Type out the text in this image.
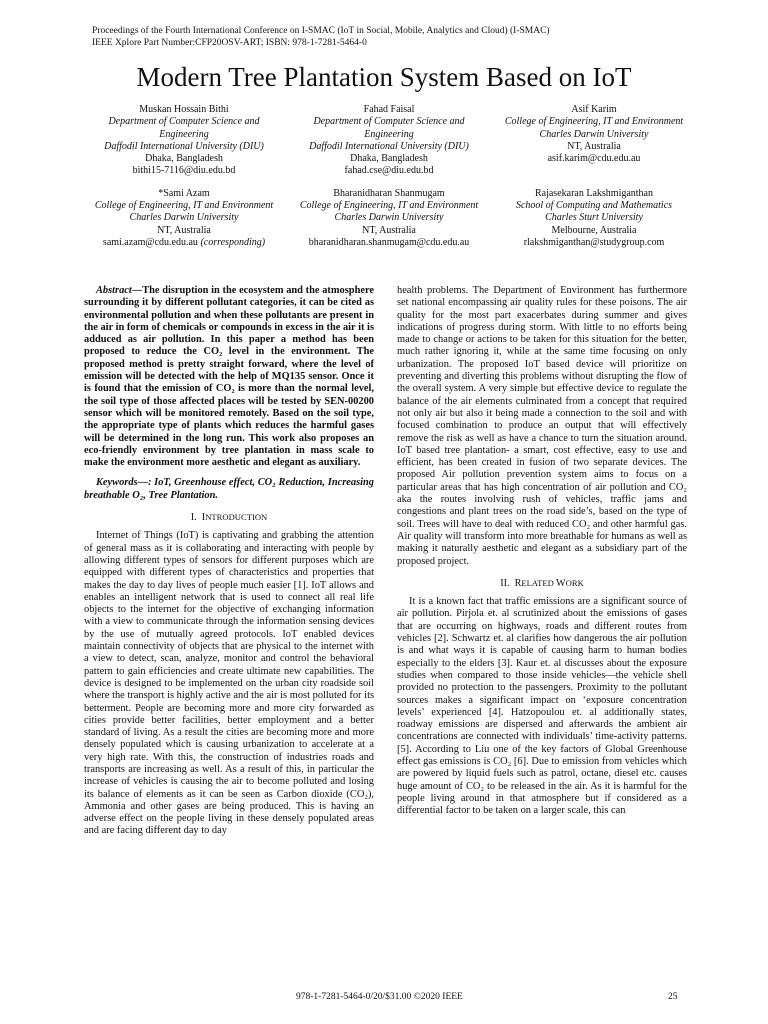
Proceedings of the Fourth International Conference on I-SMAC (IoT in Social, Mobile, Analytics and Cloud) (I-SMAC)
IEEE Xplore Part Number:CFP20OSV-ART; ISBN: 978-1-7281-5464-0
Modern Tree Plantation System Based on IoT
Muskan Hossain Bithi
Department of Computer Science and Engineering
Daffodil International University (DIU)
Dhaka, Bangladesh
bithi15-7116@diu.edu.bd
Fahad Faisal
Department of Computer Science and Engineering
Daffodil International University (DIU)
Dhaka, Bangladesh
fahad.cse@diu.edu.bd
Asif Karim
College of Engineering, IT and Environment
Charles Darwin University
NT, Australia
asif.karim@cdu.edu.au
*Sami Azam
College of Engineering, IT and Environment
Charles Darwin University
NT, Australia
sami.azam@cdu.edu.au (corresponding)
Bharanidharan Shanmugam
College of Engineering, IT and Environment
Charles Darwin University
NT, Australia
bharanidharan.shanmugam@cdu.edu.au
Rajasekaran Lakshmiganthan
School of Computing and Mathematics
Charles Sturt University
Melbourne, Australia
rlakshmiganthan@studygroup.com

Abstract—The disruption in the ecosystem and the atmosphere surrounding it by different pollutant categories, it can be cited as environmental pollution and when these pollutants are present in the air in form of chemicals or compounds in excess in the air it is adduced as air pollution. In this paper a method has been proposed to reduce the CO₂ level in the environment. The proposed method is pretty straight forward, where the level of emission will be detected with the help of MQ135 sensor. Once it is found that the emission of CO₂ is more than the normal level, the soil type of those affected places will be tested by SEN-00200 sensor which will be monitored remotely. Based on the soil type, the appropriate type of plants which reduces the harmful gases will be determined in the long run. This work also proposes an eco-friendly environment by tree plantation in mass scale to make the environment more aesthetic and elegant as auxiliary.

Keywords—: IoT, Greenhouse effect, CO₂ Reduction, Increasing breathable O₂, Tree Plantation.

I. INTRODUCTION

Internet of Things (IoT) is captivating and grabbing the attention of general mass as it is collaborating and interacting with people by allowing different types of sensors for different purposes which are equipped with different types of characteristics and properties that makes the day to day lives of people much easier [1]. IoT allows and enables an intelligent network that is used to connect all real life objects to the internet for the objective of exchanging information with a view to communicate through the information sensing devices by the use of mutually agreed protocols. IoT enabled devices maintain connectivity of objects that are physical to the internet with a view to detect, scan, analyze, monitor and control the behavioral pattern to gain efficiencies and create ultimate new capabilities. The device is designed to be implemented on the urban city roadside soil where the transport is highly active and the air is most polluted for its betterment. People are becoming more and more city forwarded as cities provide better facilities, better employment and a better standard of living. As a result the cities are becoming more and more densely populated which is causing urbanization to accelerate at a very high rate. With this, the construction of industries roads and transports are increasing as well. As a result of this, in particular the increase of vehicles is causing the air to become polluted and losing its balance of elements as it can be seen as Carbon dioxide (CO₂), Ammonia and other gases are being produced. This is having an adverse effect on the people living in these densely populated areas and are facing different day to day

health problems. The Department of Environment has furthermore set national encompassing air quality rules for these poisons. The air quality for the most part exacerbates during summer and gives indications of progress during storm. With little to no efforts being made to change or actions to be taken for this situation for the better, much rather ignoring it, while at the same time focusing on only urbanization. The proposed IoT based device will prioritize on preventing and diverting this problems without disrupting the flow of the overall system. A very simple but effective device to regulate the balance of the air elements culminated from a concept that required not only air but also it being made a connection to the soil and with focused combination to produce an output that will effectively remove the risk as well as have a chance to turn the situation around. IoT based tree plantation- a smart, cost effective, easy to use and efficient, has been created in fusion of two separate devices. The proposed Air pollution prevention system aims to focus on a particular areas that has high concentration of air pollution and CO₂ aka the routes involving rush of vehicles, traffic jams and congestions and plant trees on the road side’s, based on the type of soil. Trees will have to deal with reduced CO₂ and other harmful gas. Air quality will transform into more breathable for humans as well as making it naturally aesthetic and elegant as a subsidiary part of the proposed project.

II. RELATED WORK

It is a known fact that traffic emissions are a significant source of air pollution. Pirjola et. al scrutinized about the emissions of gases that are occurring on highways, roads and different routes from vehicles [2]. Schwartz et. al clarifies how dangerous the air pollution is and what ways it is capable of causing harm to human bodies especially to the elders [3]. Kaur et. al discusses about the exposure studies when compared to those inside vehicles—the vehicle shell provided no protection to the passengers. Proximity to the pollutant sources makes a significant impact on ‘exposure concentration levels’ experienced [4]. Hatzopoulou et. al additionally states, roadway emissions are dispersed and afterwards the ambient air concentrations are connected with individuals’ time-activity patterns. [5]. According to Liu one of the key factors of Global Greenhouse effect gas emissions is CO₂ [6]. Due to emission from vehicles which are powered by liquid fuels such as patrol, octane, diesel etc. causes huge amount of CO₂ to be released in the air. As it is harmful for the people living around in that atmosphere but if considered as a differential factor to be taken on a larger scale, this can

978-1-7281-5464-0/20/$31.00 ©2020 IEEE	25
